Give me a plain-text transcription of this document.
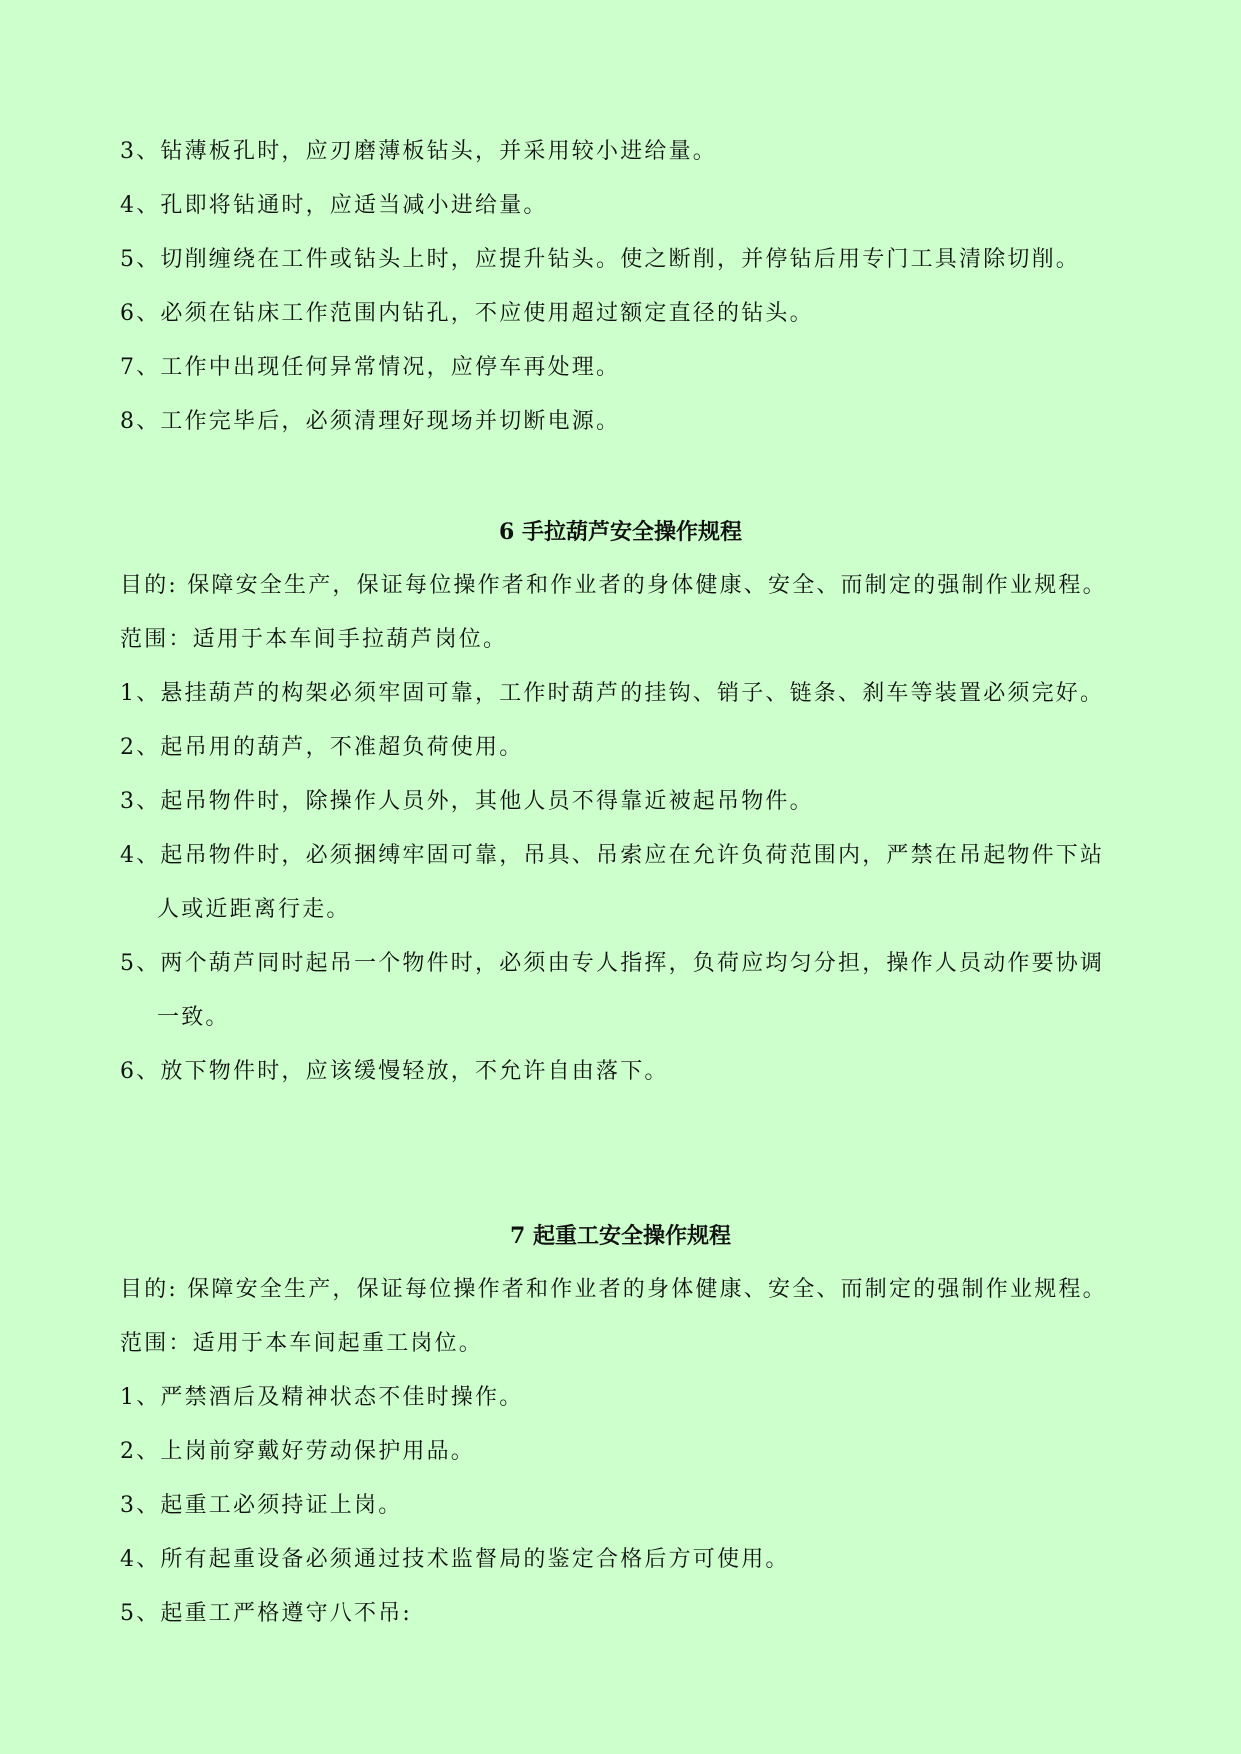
3、钻薄板孔时，应刃磨薄板钻头，并采用较小进给量。
4、孔即将钻通时，应适当减小进给量。
5、切削缠绕在工件或钻头上时，应提升钻头。使之断削，并停钻后用专门工具清除切削。
6、必须在钻床工作范围内钻孔，不应使用超过额定直径的钻头。
7、工作中出现任何异常情况，应停车再处理。
8、工作完毕后，必须清理好现场并切断电源。
6 手拉葫芦安全操作规程
目的: 保障安全生产，保证每位操作者和作业者的身体健康、安全、而制定的强制作业规程。
范围：适用于本车间手拉葫芦岗位。
1、悬挂葫芦的构架必须牢固可靠，工作时葫芦的挂钩、销子、链条、刹车等装置必须完好。
2、起吊用的葫芦，不准超负荷使用。
3、起吊物件时，除操作人员外，其他人员不得靠近被起吊物件。
4、起吊物件时，必须捆缚牢固可靠，吊具、吊索应在允许负荷范围内，严禁在吊起物件下站
人或近距离行走。
5、两个葫芦同时起吊一个物件时，必须由专人指挥，负荷应均匀分担，操作人员动作要协调
一致。
6、放下物件时，应该缓慢轻放，不允许自由落下。
7 起重工安全操作规程
目的: 保障安全生产，保证每位操作者和作业者的身体健康、安全、而制定的强制作业规程。
范围：适用于本车间起重工岗位。
1、严禁酒后及精神状态不佳时操作。
2、上岗前穿戴好劳动保护用品。
3、起重工必须持证上岗。
4、所有起重设备必须通过技术监督局的鉴定合格后方可使用。
5、起重工严格遵守八不吊:
